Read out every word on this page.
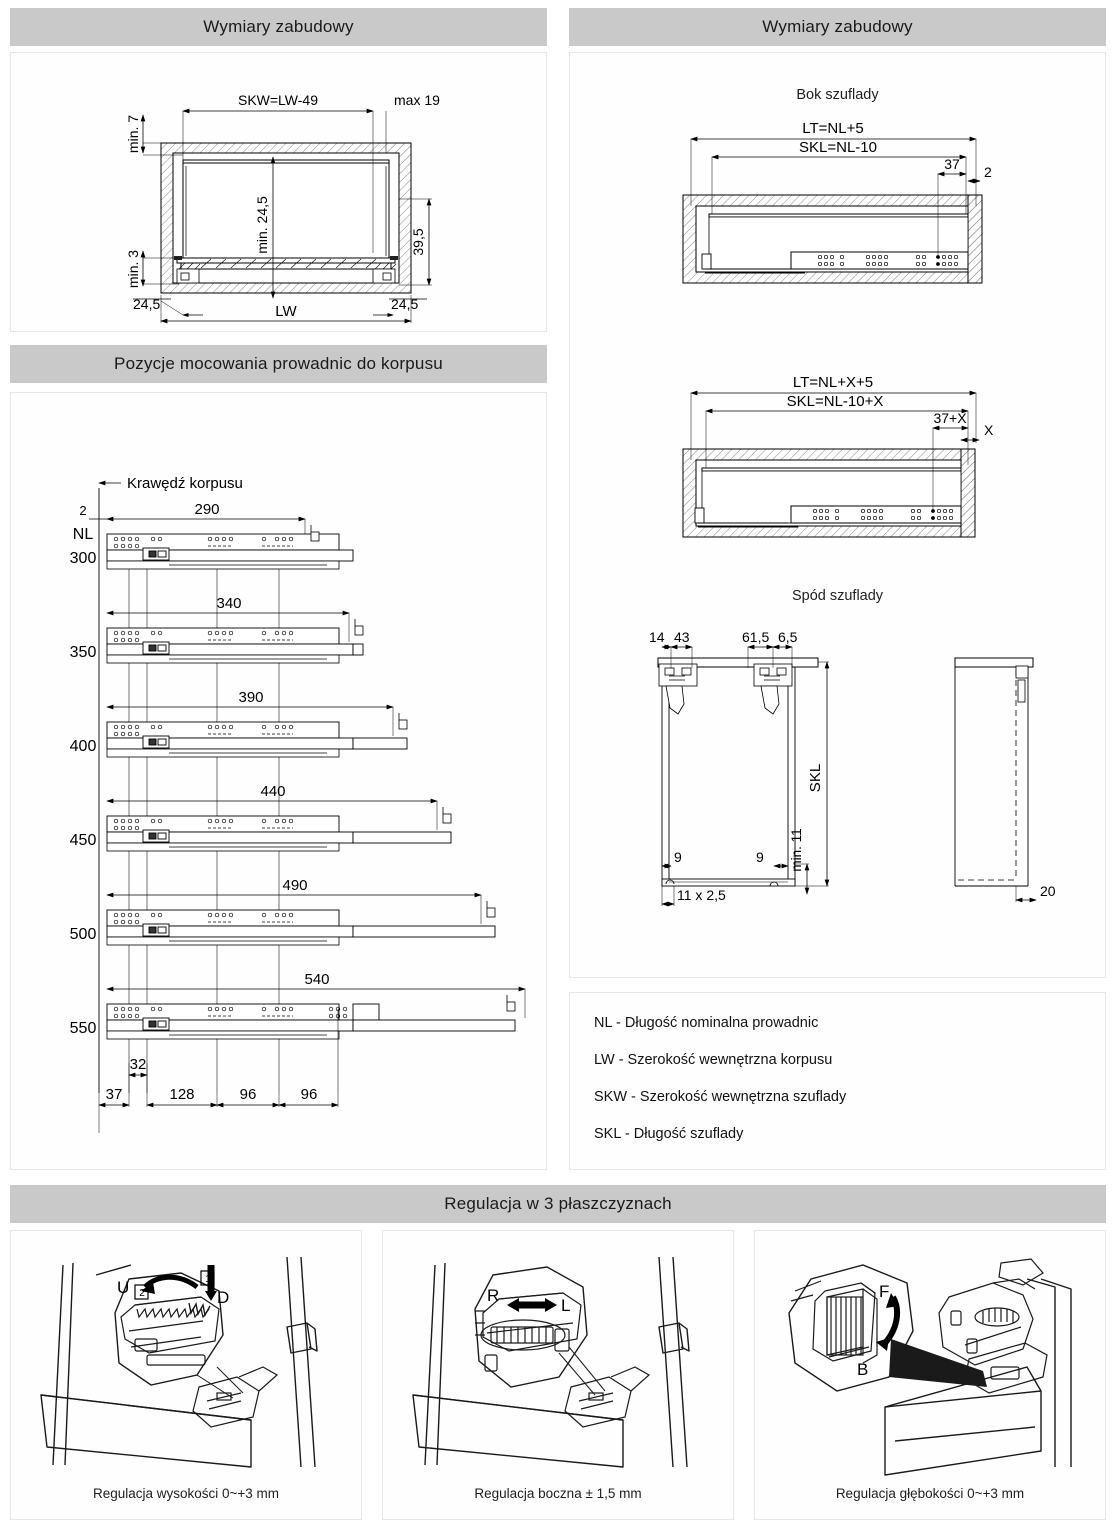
Wymiary zabudowy
SKW=LW-49	max 19
min. 7
min. 3
min. 24,5	39,5
24,5	24,5
LW
Wymiary zabudowy
Bok szuflady
LT=NL+5
SKL=NL-10
37 2
LT=NL+X+5
SKL=NL-10+X
37+X
X
Spód szuflady
14 43	61,5 6,5
SKL
min. 11
9	9
11 x 2,5	20
Pozycje mocowania prowadnic do korpusu
Krawędź korpusu
2
NL
290
300
340
350
390
400
440
450
490
500
540
550
32
37	128	96	96
NL - Długość nominalna prowadnic
LW - Szerokość wewnętrzna korpusu
SKW - Szerokość wewnętrzna szuflady
SKL - Długość szuflady
Regulacja w 3 płaszczyznach
U
D
1
2
Regulacja wysokości 0~+3 mm
R
L
Regulacja boczna ± 1,5 mm
F
B
Regulacja głębokości 0~+3 mm
